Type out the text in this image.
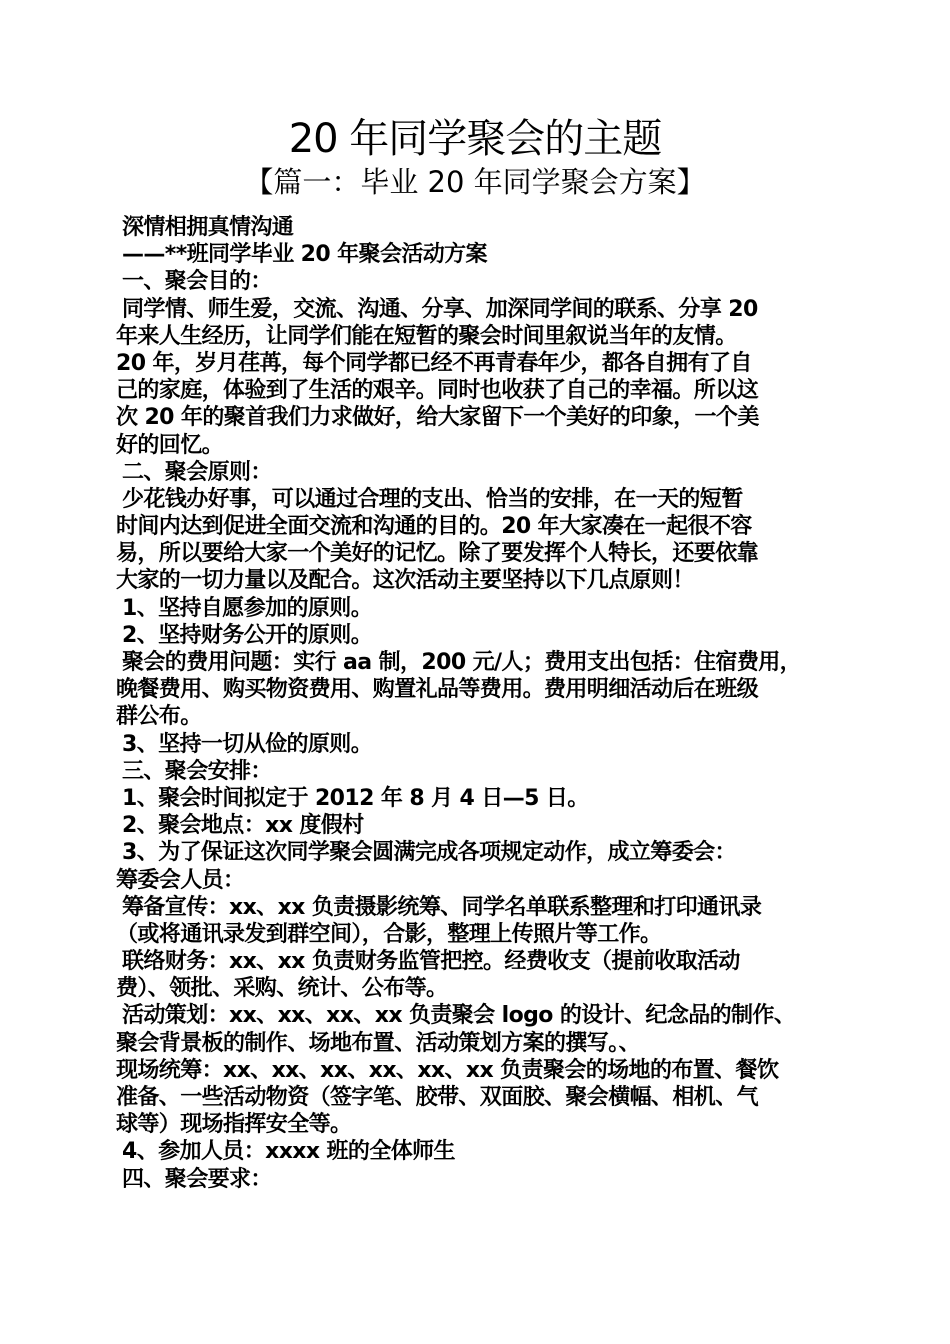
20 年同学聚会的主题
【篇一：毕业 20 年同学聚会方案】
深情相拥真情沟通
——**班同学毕业 20 年聚会活动方案
一、聚会目的：
同学情、师生爱，交流、沟通、分享、加深同学间的联系、分享 20
年来人生经历，让同学们能在短暂的聚会时间里叙说当年的友情。
20 年，岁月荏苒，每个同学都已经不再青春年少，都各自拥有了自
己的家庭，体验到了生活的艰辛。同时也收获了自己的幸福。所以这
次 20 年的聚首我们力求做好，给大家留下一个美好的印象，一个美
好的回忆。
二、聚会原则：
少花钱办好事，可以通过合理的支出、恰当的安排，在一天的短暂
时间内达到促进全面交流和沟通的目的。20 年大家凑在一起很不容
易，所以要给大家一个美好的记忆。除了要发挥个人特长，还要依靠
大家的一切力量以及配合。这次活动主要坚持以下几点原则！
1、坚持自愿参加的原则。
2、坚持财务公开的原则。
聚会的费用问题：实行 aa 制，200 元/人；费用支出包括：住宿费用，
晚餐费用、购买物资费用、购置礼品等费用。费用明细活动后在班级
群公布。
3、坚持一切从俭的原则。
三、聚会安排：
1、聚会时间拟定于 2012 年 8 月 4 日—5 日。
2、聚会地点：xx 度假村
3、为了保证这次同学聚会圆满完成各项规定动作，成立筹委会：
筹委会人员：
筹备宣传：xx、xx 负责摄影统筹、同学名单联系整理和打印通讯录
（或将通讯录发到群空间），合影，整理上传照片等工作。
联络财务：xx、xx 负责财务监管把控。经费收支（提前收取活动
费）、领批、采购、统计、公布等。
活动策划：xx、xx、xx、xx 负责聚会 logo 的设计、纪念品的制作、
聚会背景板的制作、场地布置、活动策划方案的撰写。、
现场统筹：xx、xx、xx、xx、xx、xx 负责聚会的场地的布置、餐饮
准备、一些活动物资（签字笔、胶带、双面胶、聚会横幅、相机、气
球等）现场指挥安全等。
4、参加人员：xxxx 班的全体师生
四、聚会要求：
